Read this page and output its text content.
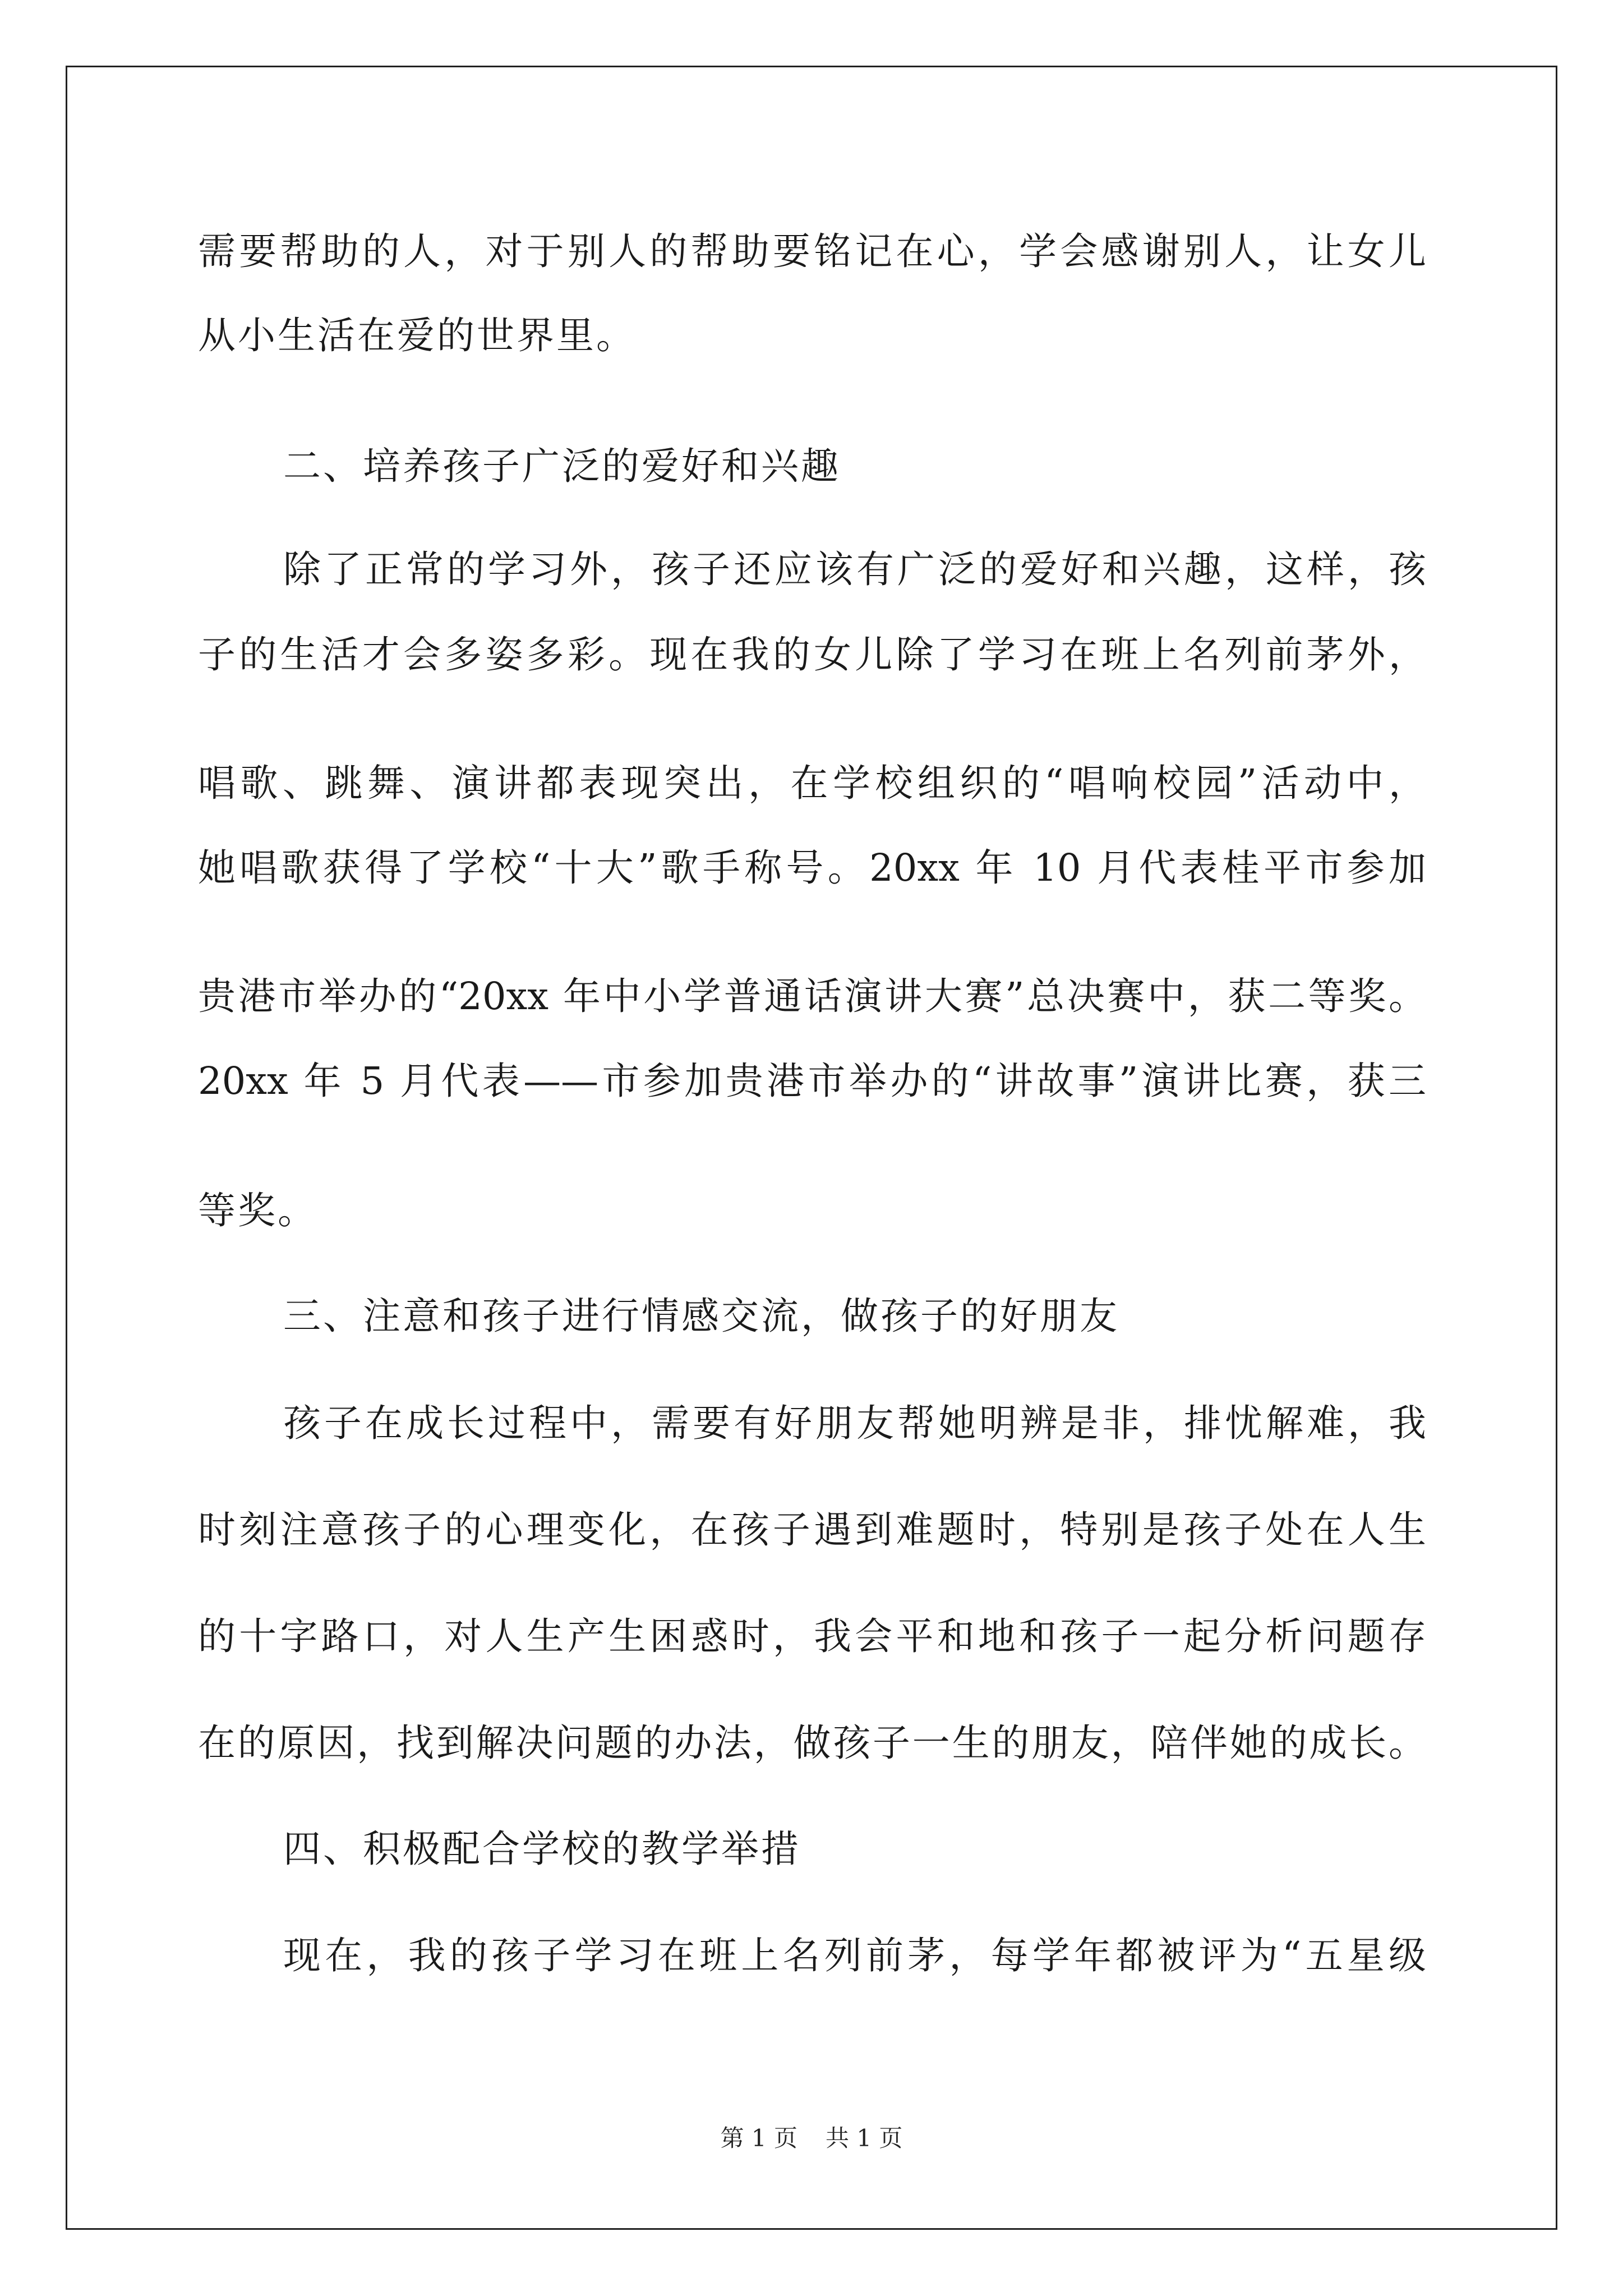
需要帮助的人，对于别人的帮助要铭记在心，学会感谢别人，让女儿
从小生活在爱的世界里。
二、培养孩子广泛的爱好和兴趣
除了正常的学习外，孩子还应该有广泛的爱好和兴趣，这样，孩
子的生活才会多姿多彩。现在我的女儿除了学习在班上名列前茅外，
唱歌、跳舞、演讲都表现突出，在学校组织的“唱响校园”活动中，
她唱歌获得了学校“十大”歌手称号。20xx 年 10 月代表桂平市参加
贵港市举办的“20xx 年中小学普通话演讲大赛”总决赛中，获二等奖。
20xx 年 5 月代表——市参加贵港市举办的“讲故事”演讲比赛，获三
等奖。
三、注意和孩子进行情感交流，做孩子的好朋友
孩子在成长过程中，需要有好朋友帮她明辨是非，排忧解难，我
时刻注意孩子的心理变化，在孩子遇到难题时，特别是孩子处在人生
的十字路口，对人生产生困惑时，我会平和地和孩子一起分析问题存
在的原因，找到解决问题的办法，做孩子一生的朋友，陪伴她的成长。
四、积极配合学校的教学举措
现在，我的孩子学习在班上名列前茅，每学年都被评为“五星级
第 1 页 共 1 页
